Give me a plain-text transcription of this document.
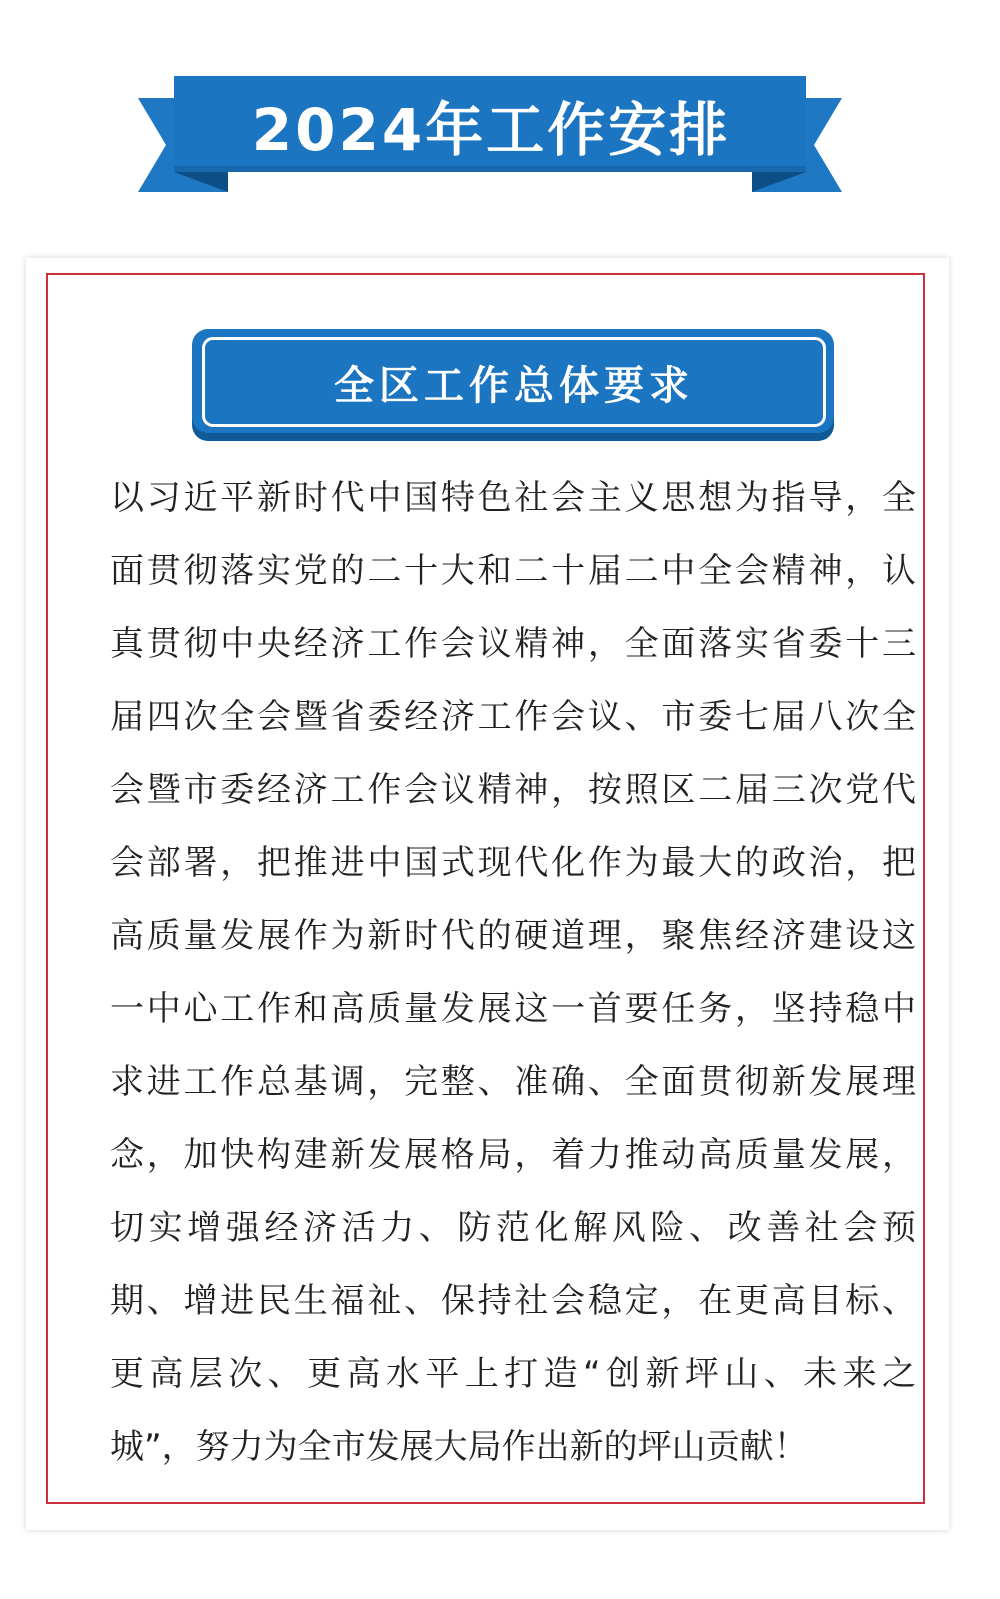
2024年工作安排
全区工作总体要求
以习近平新时代中国特色社会主义思想为指导，全
面贯彻落实党的二十大和二十届二中全会精神，认
真贯彻中央经济工作会议精神，全面落实省委十三
届四次全会暨省委经济工作会议、市委七届八次全
会暨市委经济工作会议精神，按照区二届三次党代
会部署，把推进中国式现代化作为最大的政治，把
高质量发展作为新时代的硬道理，聚焦经济建设这
一中心工作和高质量发展这一首要任务，坚持稳中
求进工作总基调，完整、准确、全面贯彻新发展理
念，加快构建新发展格局，着力推动高质量发展，
切实增强经济活力、防范化解风险、改善社会预
期、增进民生福祉、保持社会稳定，在更高目标、
更高层次、更高水平上打造“创新坪山、未来之
城”，努力为全市发展大局作出新的坪山贡献！
